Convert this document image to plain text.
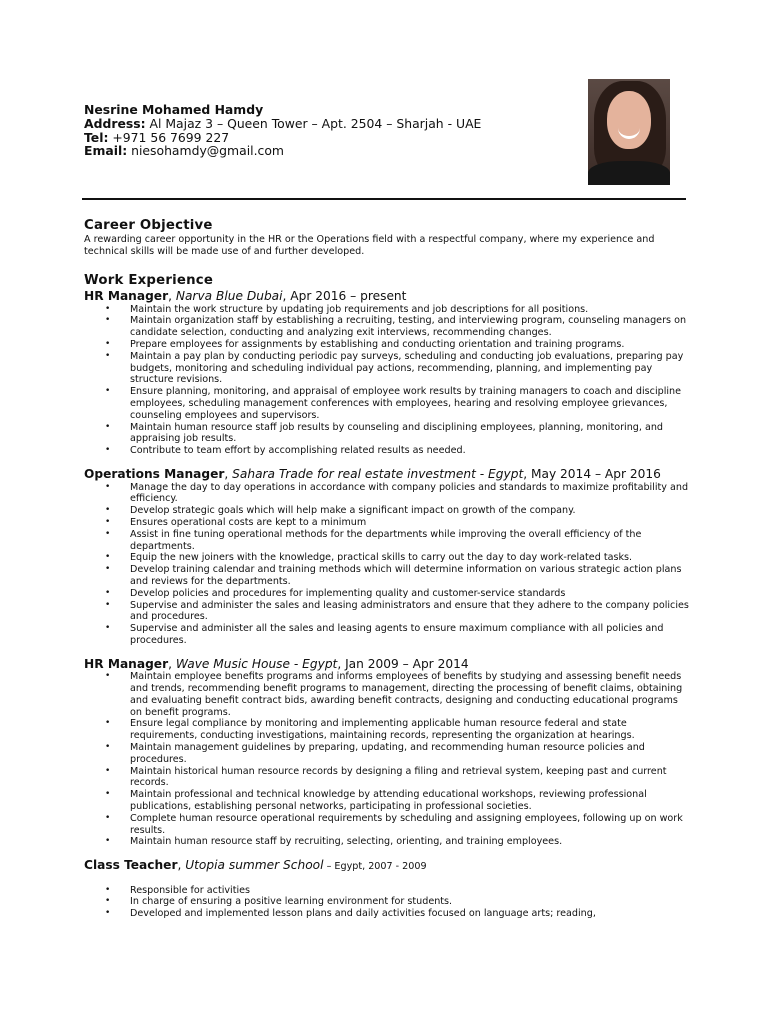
Nesrine Mohamed Hamdy
Address: Al Majaz 3 – Queen Tower – Apt. 2504 – Sharjah - UAE
Tel: +971 56 7699 227
Email: niesohamdy@gmail.com
Career Objective

A rewarding career opportunity in the HR or the Operations field with a respectful company, where my experience and technical skills will be made use of and further developed.

Work Experience

HR Manager, Narva Blue Dubai, Apr 2016 – present

• Maintain the work structure by updating job requirements and job descriptions for all positions.
• Maintain organization staff by establishing a recruiting, testing, and interviewing program, counseling managers on candidate selection, conducting and analyzing exit interviews, recommending changes.
• Prepare employees for assignments by establishing and conducting orientation and training programs.
• Maintain a pay plan by conducting periodic pay surveys, scheduling and conducting job evaluations, preparing pay budgets, monitoring and scheduling individual pay actions, recommending, planning, and implementing pay structure revisions.
• Ensure planning, monitoring, and appraisal of employee work results by training managers to coach and discipline employees, scheduling management conferences with employees, hearing and resolving employee grievances, counseling employees and supervisors.
• Maintain human resource staff job results by counseling and disciplining employees, planning, monitoring, and appraising job results.
• Contribute to team effort by accomplishing related results as needed.

Operations Manager, Sahara Trade for real estate investment - Egypt, May 2014 – Apr 2016

• Manage the day to day operations in accordance with company policies and standards to maximize profitability and efficiency.
• Develop strategic goals which will help make a significant impact on growth of the company.
• Ensures operational costs are kept to a minimum
• Assist in fine tuning operational methods for the departments while improving the overall efficiency of the departments.
• Equip the new joiners with the knowledge, practical skills to carry out the day to day work-related tasks.
• Develop training calendar and training methods which will determine information on various strategic action plans and reviews for the departments.
• Develop policies and procedures for implementing quality and customer-service standards
• Supervise and administer the sales and leasing administrators and ensure that they adhere to the company policies and procedures.
• Supervise and administer all the sales and leasing agents to ensure maximum compliance with all policies and procedures.

HR Manager, Wave Music House - Egypt, Jan 2009 – Apr 2014

• Maintain employee benefits programs and informs employees of benefits by studying and assessing benefit needs and trends, recommending benefit programs to management, directing the processing of benefit claims, obtaining and evaluating benefit contract bids, awarding benefit contracts, designing and conducting educational programs on benefit programs.
• Ensure legal compliance by monitoring and implementing applicable human resource federal and state requirements, conducting investigations, maintaining records, representing the organization at hearings.
• Maintain management guidelines by preparing, updating, and recommending human resource policies and procedures.
• Maintain historical human resource records by designing a filing and retrieval system, keeping past and current records.
• Maintain professional and technical knowledge by attending educational workshops, reviewing professional publications, establishing personal networks, participating in professional societies.
• Complete human resource operational requirements by scheduling and assigning employees, following up on work results.
• Maintain human resource staff by recruiting, selecting, orienting, and training employees.

Class Teacher, Utopia summer School – Egypt, 2007 - 2009

• Responsible for activities
• In charge of ensuring a positive learning environment for students.
• Developed and implemented lesson plans and daily activities focused on language arts; reading,
